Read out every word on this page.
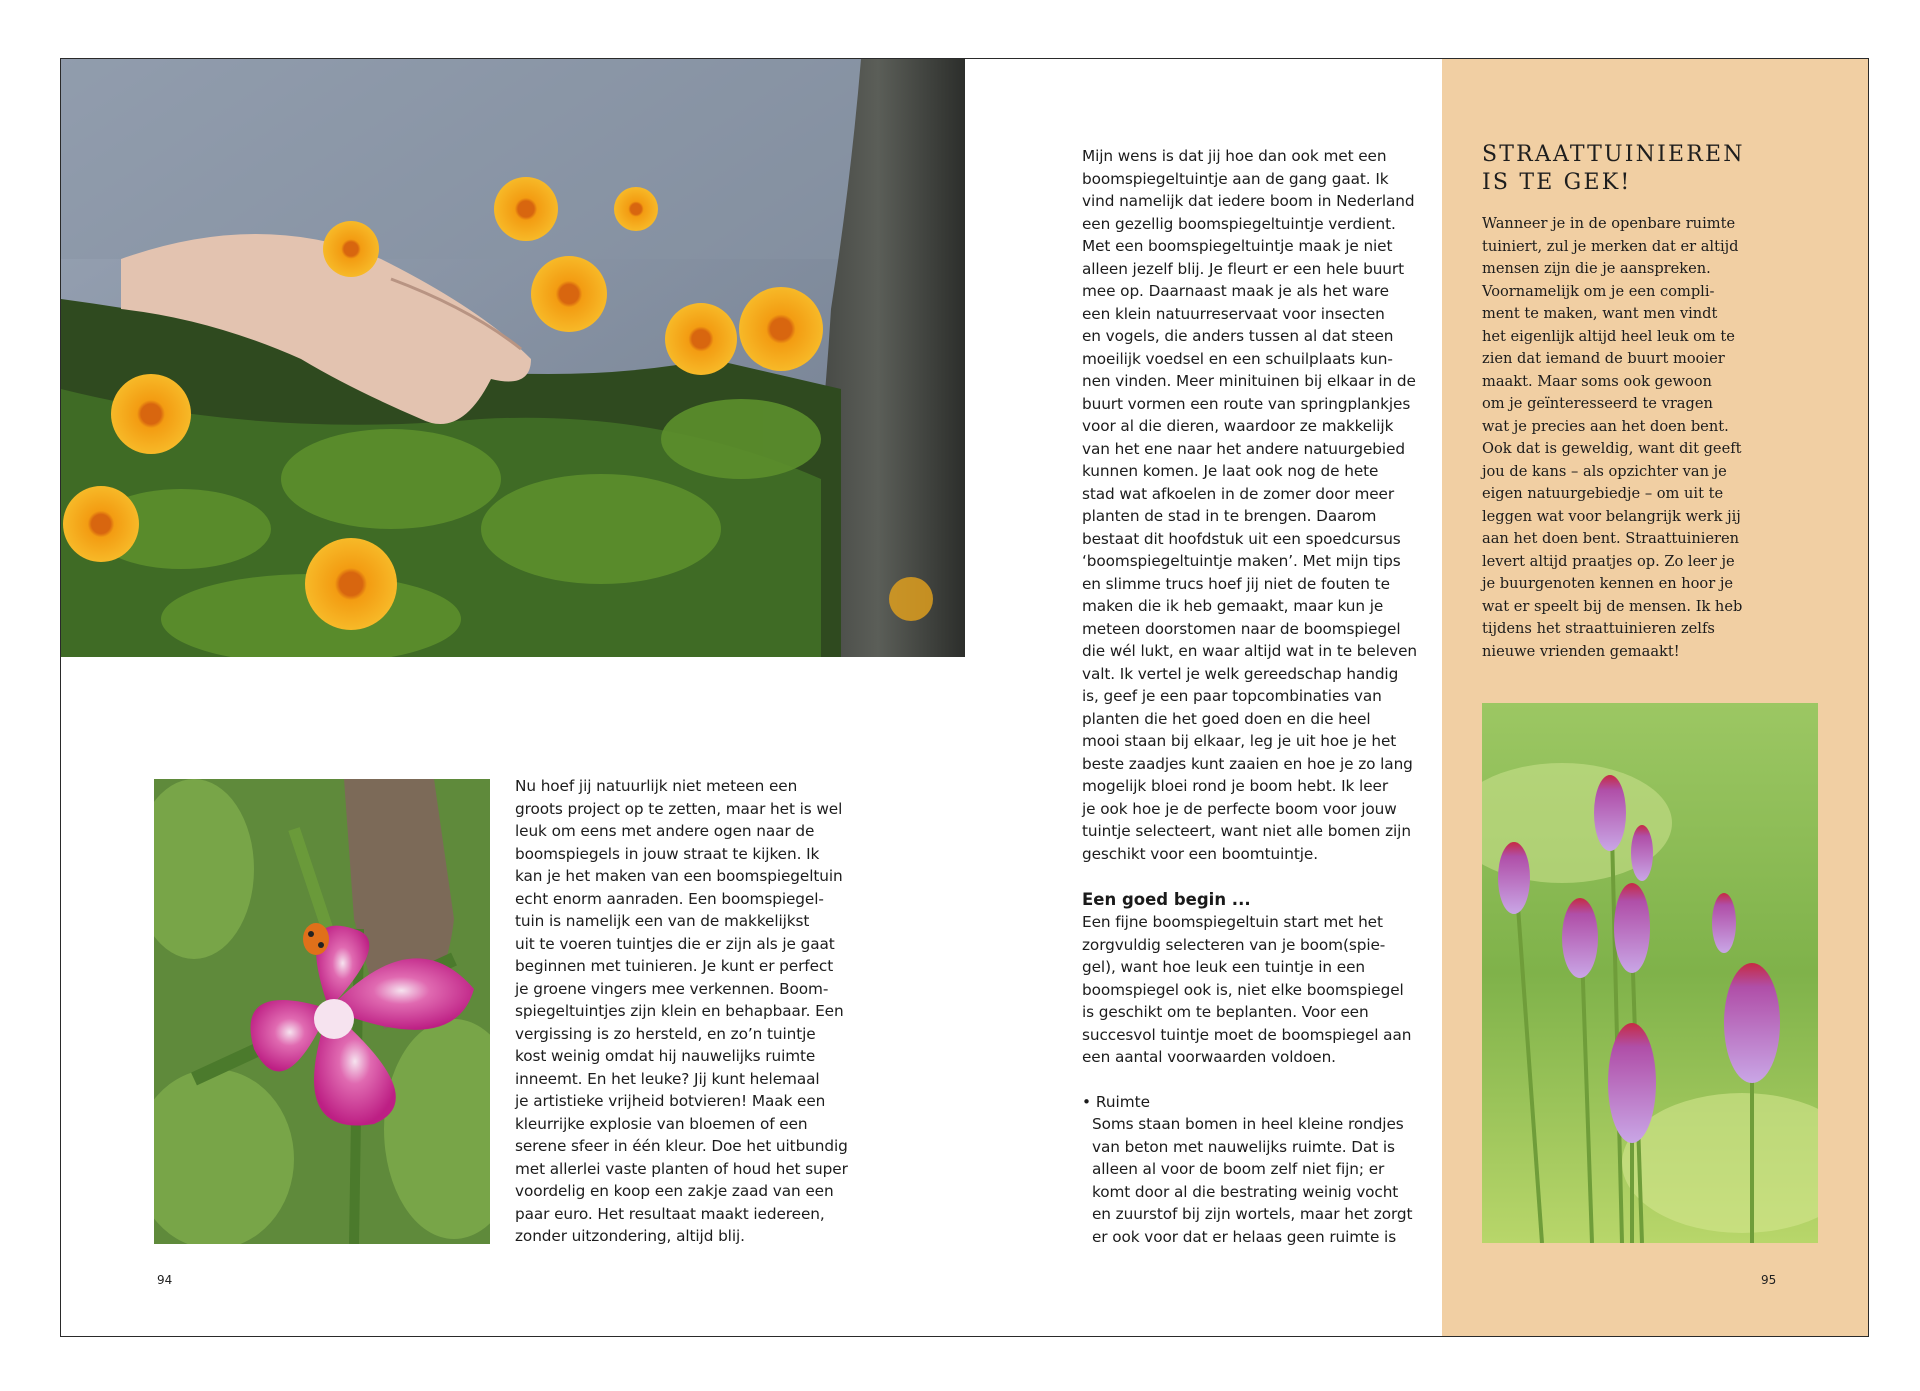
Nu hoef jij natuurlijk niet meteen een
groots project op te zetten, maar het is wel
leuk om eens met andere ogen naar de
boomspiegels in jouw straat te kijken. Ik
kan je het maken van een boomspiegeltuin
echt enorm aanraden. Een boomspiegel-
tuin is namelijk een van de makkelijkst
uit te voeren tuintjes die er zijn als je gaat
beginnen met tuinieren. Je kunt er perfect
je groene vingers mee verkennen. Boom-
spiegeltuintjes zijn klein en behapbaar. Een
vergissing is zo hersteld, en zo’n tuintje
kost weinig omdat hij nauwelijks ruimte
inneemt. En het leuke? Jij kunt helemaal
je artistieke vrijheid botvieren! Maak een
kleurrijke explosie van bloemen of een
serene sfeer in één kleur. Doe het uitbundig
met allerlei vaste planten of houd het super
voordelig en koop een zakje zaad van een
paar euro. Het resultaat maakt iedereen,
zonder uitzondering, altijd blij.
Mijn wens is dat jij hoe dan ook met een
boomspiegeltuintje aan de gang gaat. Ik
vind namelijk dat iedere boom in Nederland
een gezellig boomspiegeltuintje verdient.
Met een boomspiegeltuintje maak je niet
alleen jezelf blij. Je fleurt er een hele buurt
mee op. Daarnaast maak je als het ware
een klein natuurreservaat voor insecten
en vogels, die anders tussen al dat steen
moeilijk voedsel en een schuilplaats kun-
nen vinden. Meer minituinen bij elkaar in de
buurt vormen een route van springplankjes
voor al die dieren, waardoor ze makkelijk
van het ene naar het andere natuurgebied
kunnen komen. Je laat ook nog de hete
stad wat afkoelen in de zomer door meer
planten de stad in te brengen. Daarom
bestaat dit hoofdstuk uit een spoedcursus
‘boomspiegeltuintje maken’. Met mijn tips
en slimme trucs hoef jij niet de fouten te
maken die ik heb gemaakt, maar kun je
meteen doorstomen naar de boomspiegel
die wél lukt, en waar altijd wat in te beleven
valt. Ik vertel je welk gereedschap handig
is, geef je een paar topcombinaties van
planten die het goed doen en die heel
mooi staan bij elkaar, leg je uit hoe je het
beste zaadjes kunt zaaien en hoe je zo lang
mogelijk bloei rond je boom hebt. Ik leer
je ook hoe je de perfecte boom voor jouw
tuintje selecteert, want niet alle bomen zijn
geschikt voor een boomtuintje.
Een goed begin ...
Een fijne boomspiegeltuin start met het
zorgvuldig selecteren van je boom(spie-
gel), want hoe leuk een tuintje in een
boomspiegel ook is, niet elke boomspiegel
is geschikt om te beplanten. Voor een
succesvol tuintje moet de boomspiegel aan
een aantal voorwaarden voldoen.
• Ruimte
Soms staan bomen in heel kleine rondjes
van beton met nauwelijks ruimte. Dat is
alleen al voor de boom zelf niet fijn; er
komt door al die bestrating weinig vocht
en zuurstof bij zijn wortels, maar het zorgt
er ook voor dat er helaas geen ruimte is
STRAATTUINIEREN
IS TE GEK!
Wanneer je in de openbare ruimte
tuiniert, zul je merken dat er altijd
mensen zijn die je aanspreken.
Voornamelijk om je een compli-
ment te maken, want men vindt
het eigenlijk altijd heel leuk om te
zien dat iemand de buurt mooier
maakt. Maar soms ook gewoon
om je geïnteresseerd te vragen
wat je precies aan het doen bent.
Ook dat is geweldig, want dit geeft
jou de kans – als opzichter van je
eigen natuurgebiedje – om uit te
leggen wat voor belangrijk werk jij
aan het doen bent. Straattuinieren
levert altijd praatjes op. Zo leer je
je buurgenoten kennen en hoor je
wat er speelt bij de mensen. Ik heb
tijdens het straattuinieren zelfs
nieuwe vrienden gemaakt!
94	95
